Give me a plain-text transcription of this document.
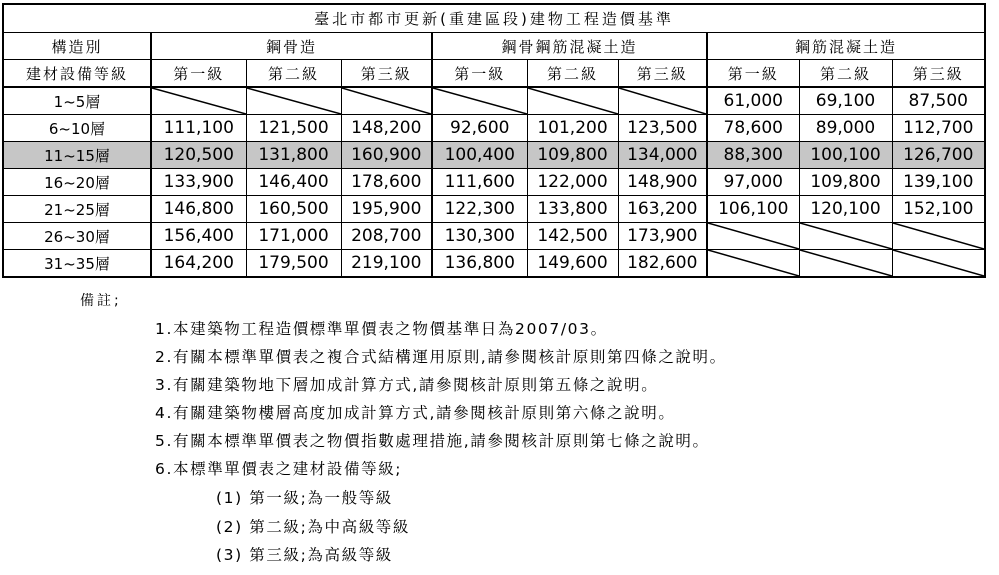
臺北市都市更新(重建區段)建物工程造價基準									
構造別	鋼骨造			鋼骨鋼筋混凝土造			鋼筋混凝土造		
建材設備等級	第一級	第二級	第三級	第一級	第二級	第三級	第一級	第二級	第三級
1~5層							61,000	69,100	87,500
6~10層	111,100	121,500	148,200	92,600	101,200	123,500	78,600	89,000	112,700
11~15層	120,500	131,800	160,900	100,400	109,800	134,000	88,300	100,100	126,700
16~20層	133,900	146,400	178,600	111,600	122,000	148,900	97,000	109,800	139,100
21~25層	146,800	160,500	195,900	122,300	133,800	163,200	106,100	120,100	152,100
26~30層	156,400	171,000	208,700	130,300	142,500	173,900			
31~35層	164,200	179,500	219,100	136,800	149,600	182,600			
備註;
1.本建築物工程造價標準單價表之物價基準日為2007/03。
2.有關本標準單價表之複合式結構運用原則,請參閱核計原則第四條之說明。
3.有關建築物地下層加成計算方式,請參閱核計原則第五條之說明。
4.有關建築物樓層高度加成計算方式,請參閱核計原則第六條之說明。
5.有關本標準單價表之物價指數處理措施,請參閱核計原則第七條之說明。
6.本標準單價表之建材設備等級;
(1) 第一級;為一般等級
(2) 第二級;為中高級等級
(3) 第三級;為高級等級
